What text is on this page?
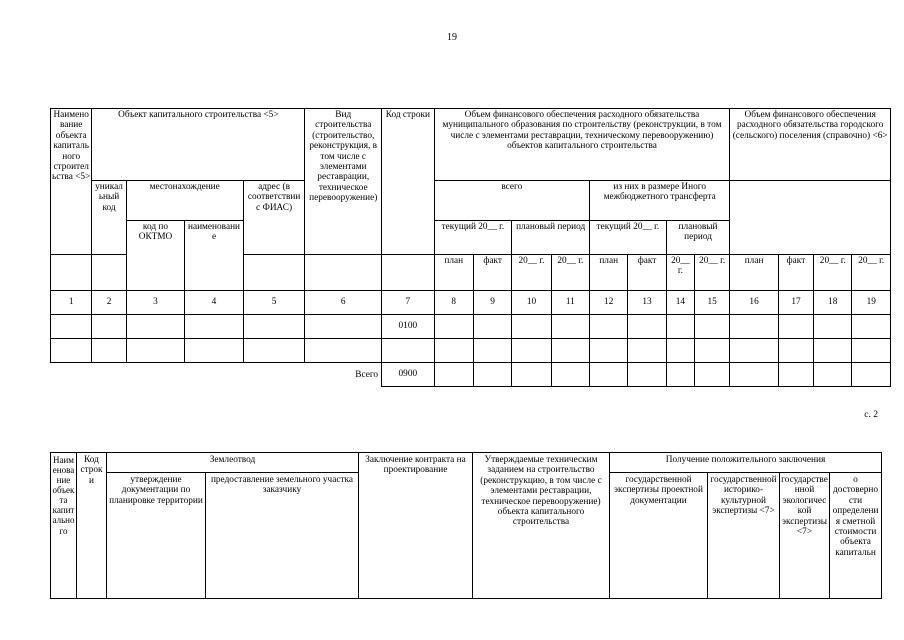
19
Наименование объекта капитального строительства <5>	Объект капитального строительства <5>				Вид строительства (строительство, реконструкция, в том числе с элементами реставрации, техническое перевооружение)	Код строки	Объем финансового обеспечения расходного обязательства муниципального образования по строительству (реконструкции, в том числе с элементами реставрации, техническому перевооружению) объектов капитального строительства								Объем финансового обеспечения расходного обязательства городского (сельского) поселения (справочно) <6>			
	уникальный код	местонахождение		адрес (в соответствии с ФИАС)			всего				из них в размере Иного межбюджетного трансферта							
		код по ОКТМО	наименование				текущий 20__ г.		плановый период		текущий 20__ г.		плановый период					
							план	факт	20__ г.	20__ г.	план	факт	20__ г.	20__ г.	план	факт	20__ г.	20__ г.
1	2	3	4	5	6	7	8	9	10	11	12	13	14	15	16	17	18	19
						0100												

Всего						0900												
с. 2
Наименование объекта капитального	Код строки	Землеотвод		Заключение контракта на проектирование	Утверждаемые техническим заданием на строительство (реконструкцию, в том числе с элементами реставрации, техническое перевооружение) объекта капитального строительства	Получение положительного заключения			
		утверждение документации по планировке территории	предоставление земельного участка заказчику			государственной экспертизы проектной документации	государственной историко-культурной экспертизы <7>	государственной экологической экспертизы <7>	о достоверности определения сметной стоимости объекта капитальн
